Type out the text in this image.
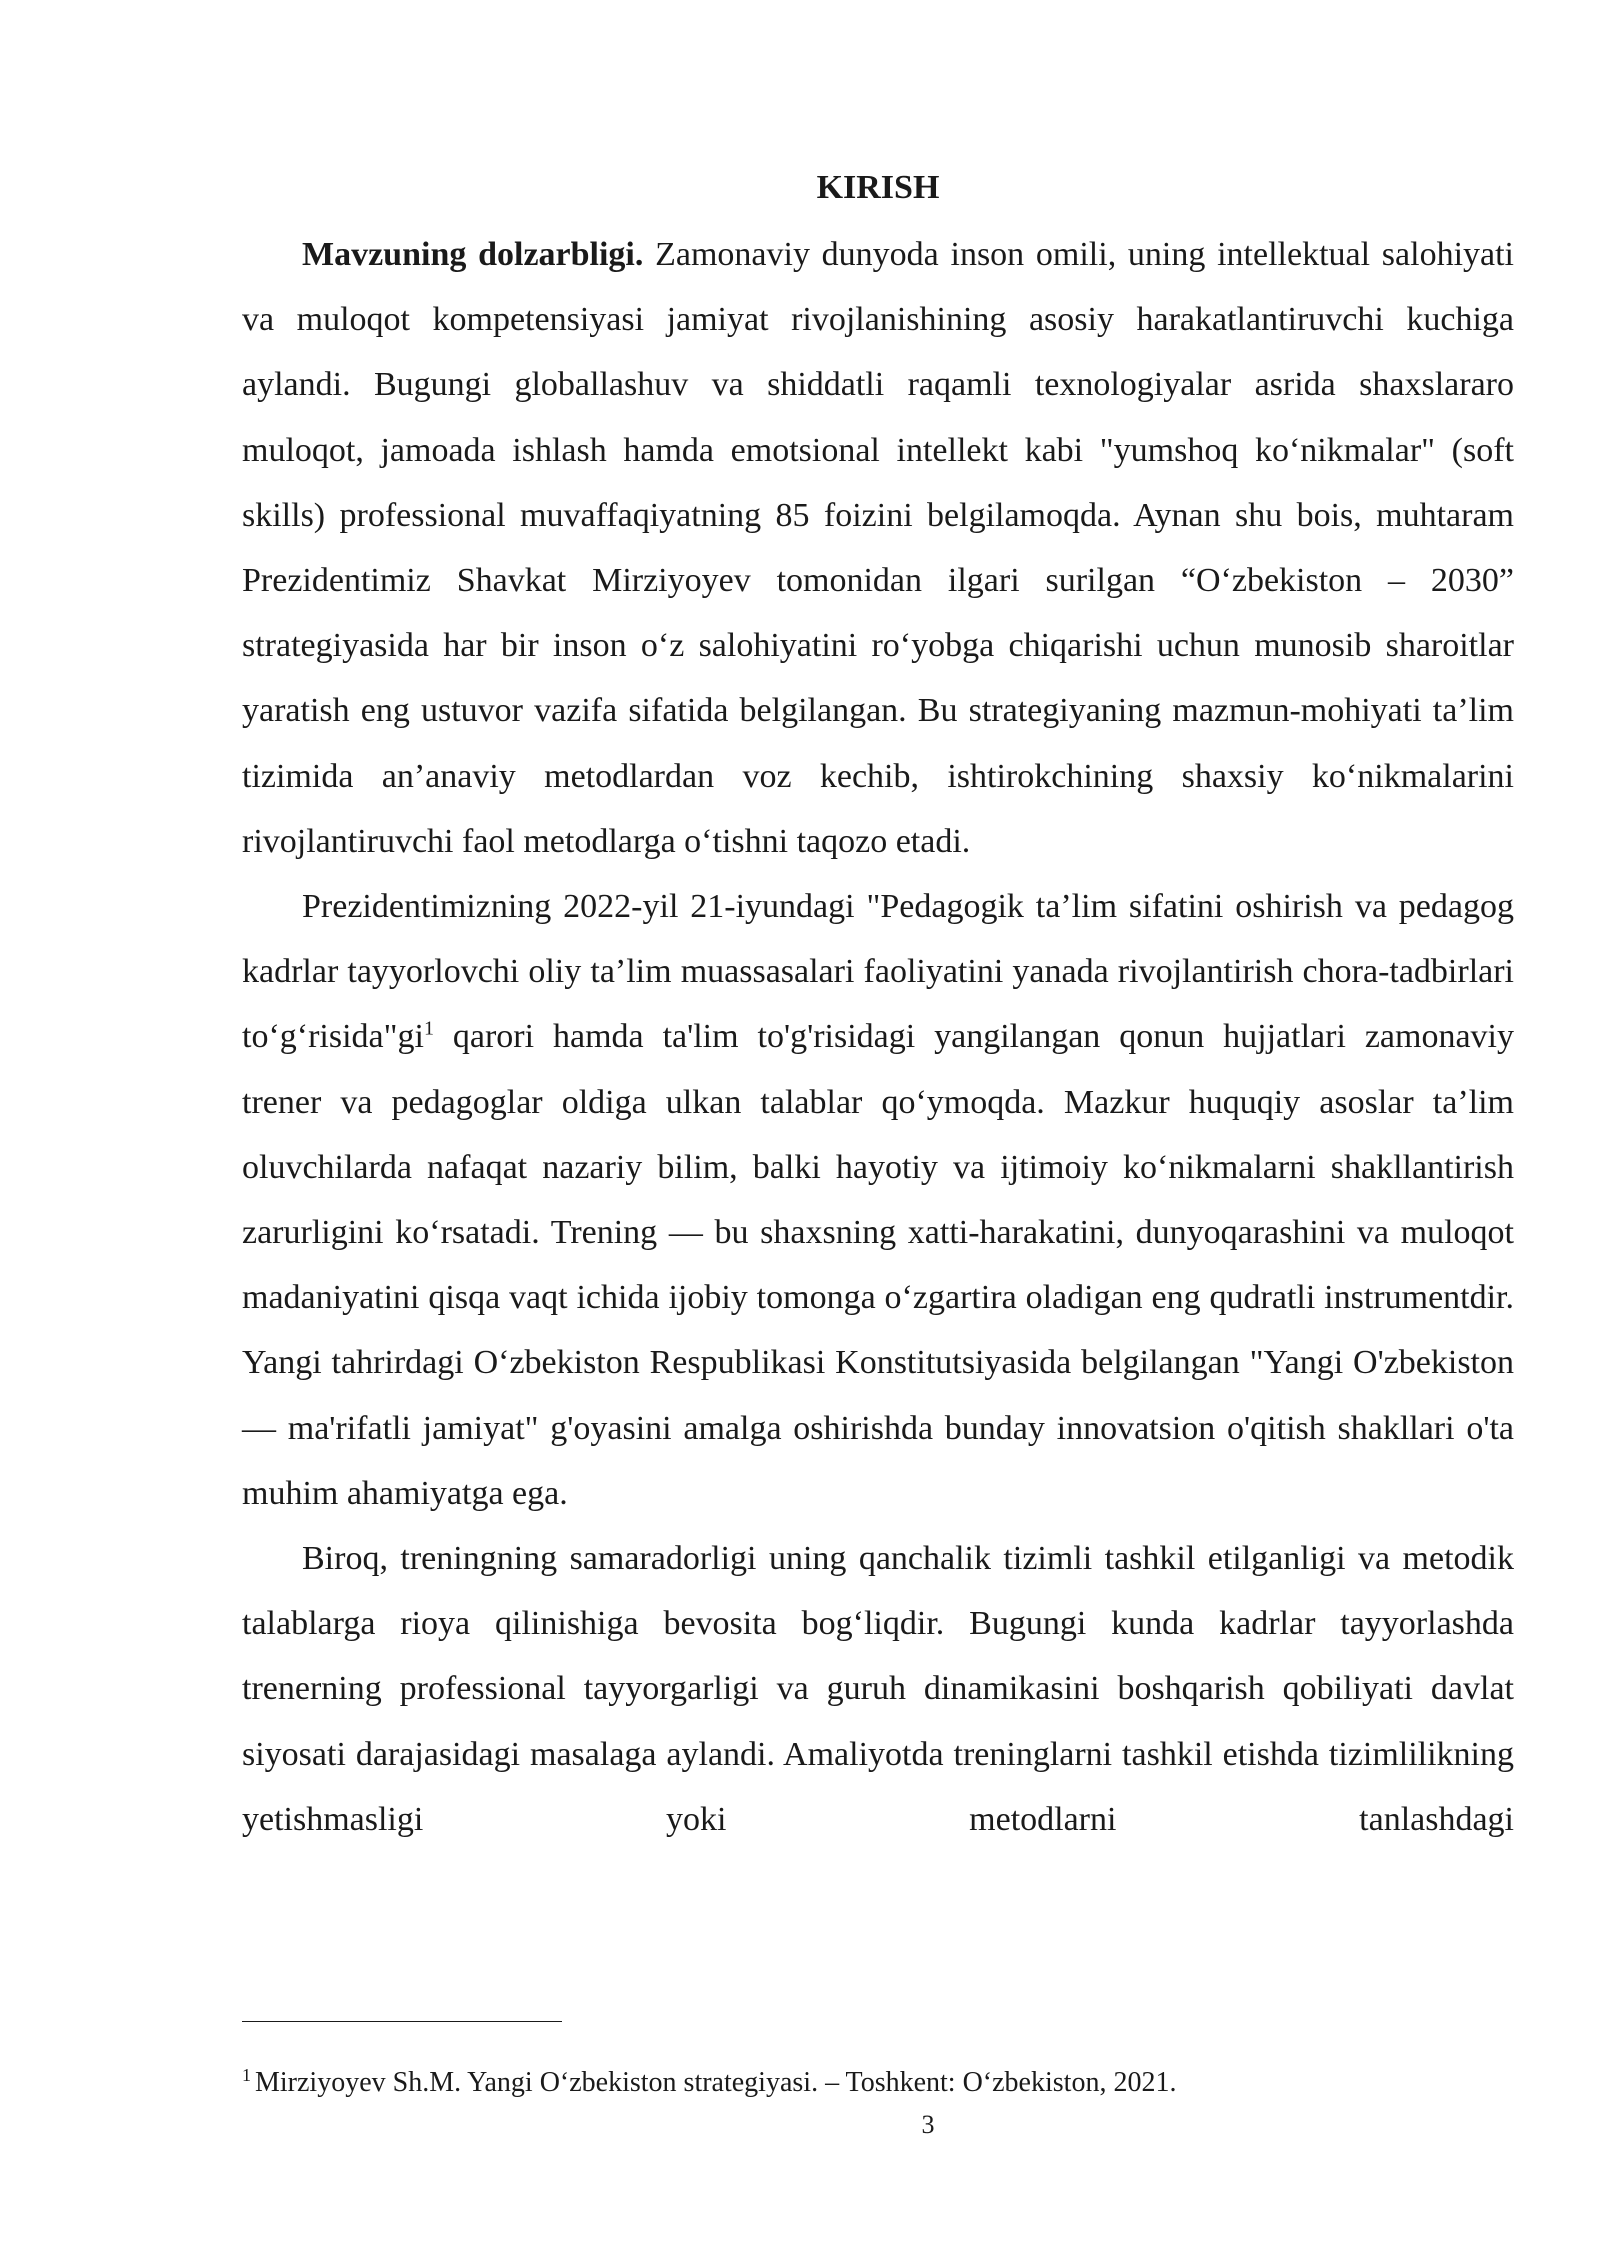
KIRISH

Mavzuning dolzarbligi. Zamonaviy dunyoda inson omili, uning intellektual salohiyati va muloqot kompetensiyasi jamiyat rivojlanishining asosiy harakatlantiruvchi kuchiga aylandi. Bugungi globallashuv va shiddatli raqamli texnologiyalar asrida shaxslararo muloqot, jamoada ishlash hamda emotsional intellekt kabi "yumshoq koʻnikmalar" (soft skills) professional muvaffaqiyatning 85 foizini belgilamoqda. Aynan shu bois, muhtaram Prezidentimiz Shavkat Mirziyoyev tomonidan ilgari surilgan “Oʻzbekiston – 2030” strategiyasida har bir inson oʻz salohiyatini roʻyobga chiqarishi uchun munosib sharoitlar yaratish eng ustuvor vazifa sifatida belgilangan. Bu strategiyaning mazmun-mohiyati ta’lim tizimida an’anaviy metodlardan voz kechib, ishtirokchining shaxsiy koʻnikmalarini rivojlantiruvchi faol metodlarga oʻtishni taqozo etadi.

Prezidentimizning 2022-yil 21-iyundagi "Pedagogik ta’lim sifatini oshirish va pedagog kadrlar tayyorlovchi oliy ta’lim muassasalari faoliyatini yanada rivojlantirish chora-tadbirlari toʻgʻrisida"gi$^1$ qarori hamda ta'lim to'g'risidagi yangilangan qonun hujjatlari zamonaviy trener va pedagoglar oldiga ulkan talablar qoʻymoqda. Mazkur huquqiy asoslar ta’lim oluvchilarda nafaqat nazariy bilim, balki hayotiy va ijtimoiy koʻnikmalarni shakllantirish zarurligini koʻrsatadi. Trening — bu shaxsning xatti-harakatini, dunyoqarashini va muloqot madaniyatini qisqa vaqt ichida ijobiy tomonga oʻzgartira oladigan eng qudratli instrumentdir. Yangi tahrirdagi Oʻzbekiston Respublikasi Konstitutsiyasida belgilangan "Yangi O'zbekiston — ma'rifatli jamiyat" g'oyasini amalga oshirishda bunday innovatsion o'qitish shakllari o'ta muhim ahamiyatga ega.

Biroq, treningning samaradorligi uning qanchalik tizimli tashkil etilganligi va metodik talablarga rioya qilinishiga bevosita bogʻliqdir. Bugungi kunda kadrlar tayyorlashda trenerning professional tayyorgarligi va guruh dinamikasini boshqarish qobiliyati davlat siyosati darajasidagi masalaga aylandi. Amaliyotda treninglarni tashkil etishda tizimlilikning yetishmasligi yoki metodlarni tanlashdagi

$^1$ Mirziyoyev Sh.M. Yangi Oʻzbekiston strategiyasi. – Toshkent: Oʻzbekiston, 2021.
3
